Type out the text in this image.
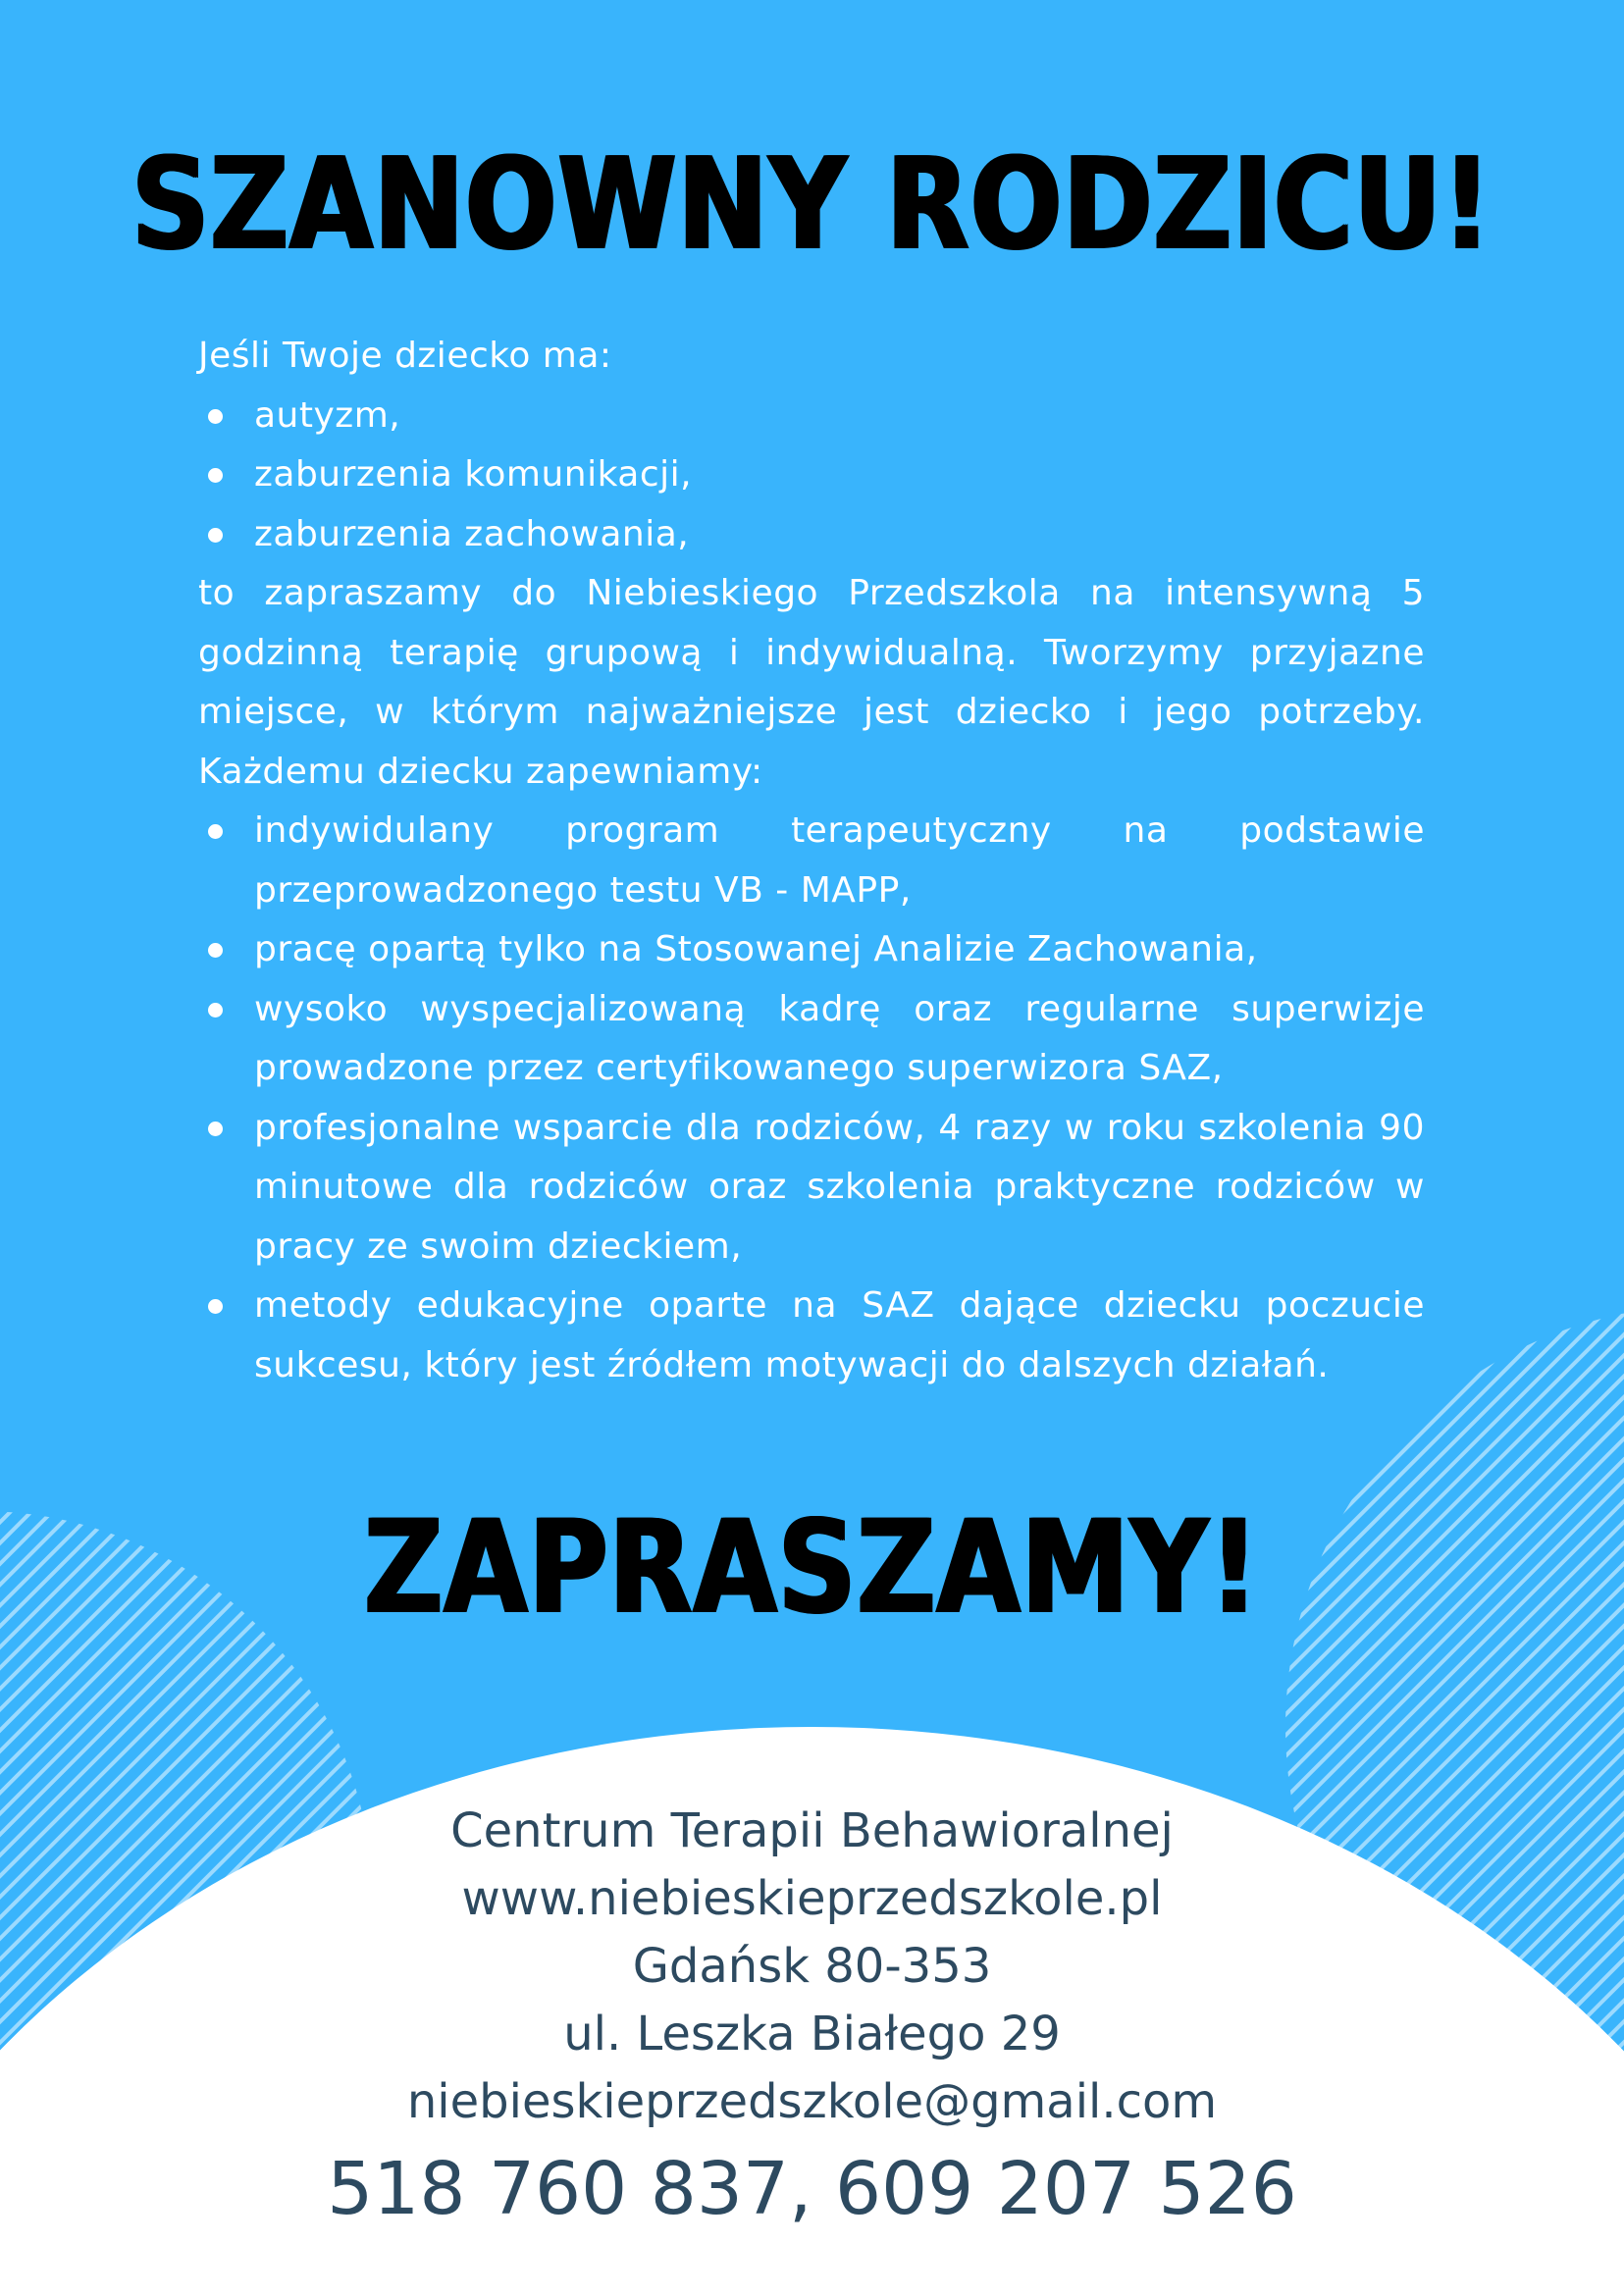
SZANOWNY RODZICU!

Jeśli Twoje dziecko ma:

autyzm,
zaburzenia komunikacji,
zaburzenia zachowania,

to zapraszamy do Niebieskiego Przedszkola na intensywną 5 godzinną terapię grupową i indywidualną. Tworzymy przyjazne miejsce, w którym najważniejsze jest dziecko i jego potrzeby. Każdemu dziecku zapewniamy:

indywidulany program terapeutyczny na podstawie przeprowadzonego testu VB - MAPP,
pracę opartą tylko na Stosowanej Analizie Zachowania,
wysoko wyspecjalizowaną kadrę oraz regularne superwizje prowadzone przez certyfikowanego superwizora SAZ,
profesjonalne wsparcie dla rodziców, 4 razy w roku szkolenia 90 minutowe dla rodziców oraz szkolenia praktyczne rodziców w pracy ze swoim dzieckiem,
metody edukacyjne oparte na SAZ dające dziecku poczucie sukcesu, który jest źródłem motywacji do dalszych działań.
ZAPRASZAMY!
Centrum Terapii Behawioralnej
www.niebieskieprzedszkole.pl
Gdańsk 80-353
ul. Leszka Białego 29
niebieskieprzedszkole@gmail.com
518 760 837, 609 207 526
